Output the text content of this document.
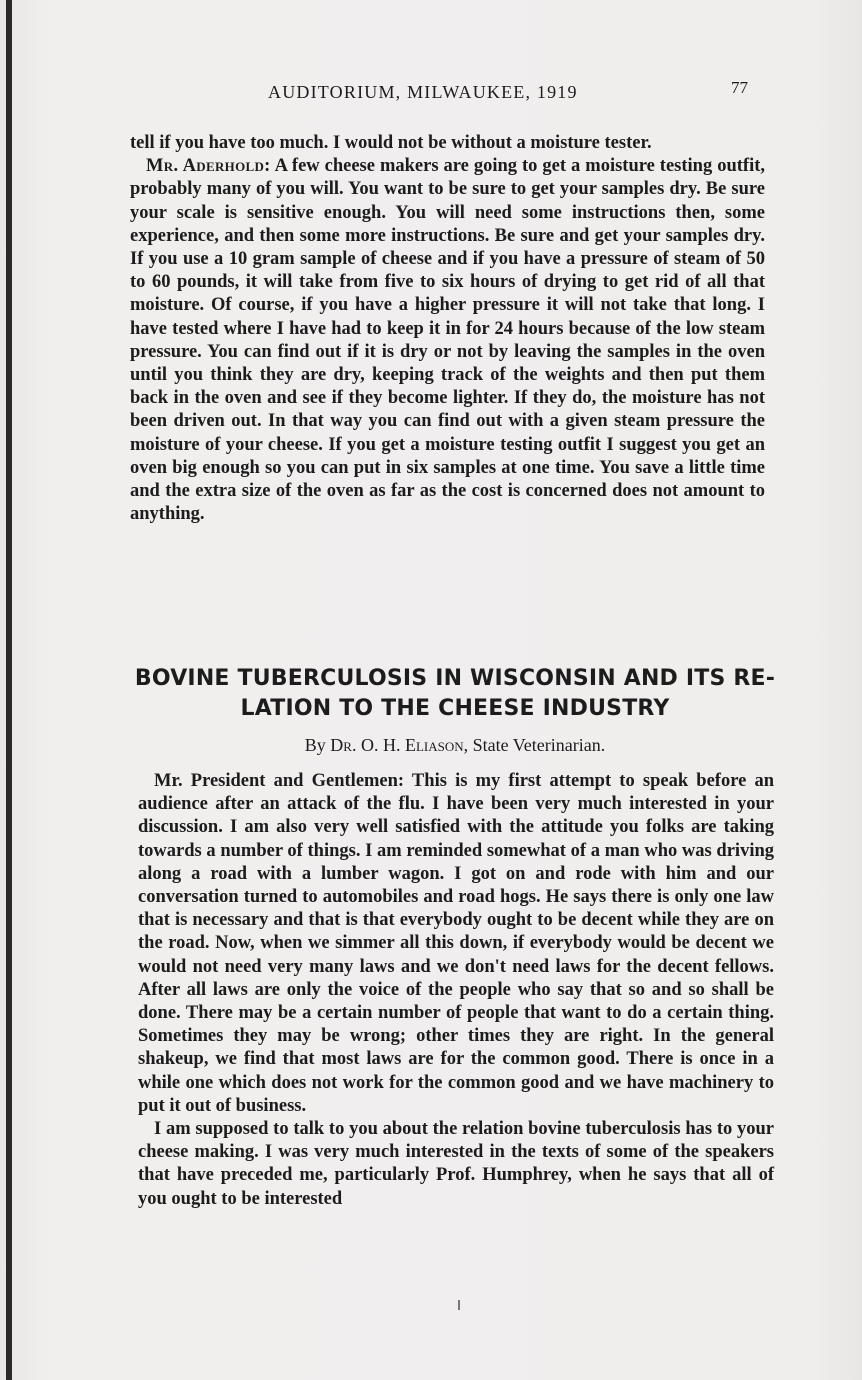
AUDITORIUM, MILWAUKEE, 1919	77

tell if you have too much. I would not be without a moisture tester.

Mr. Aderhold: A few cheese makers are going to get a moisture testing outfit, probably many of you will. You want to be sure to get your samples dry. Be sure your scale is sensitive enough. You will need some instructions then, some experience, and then some more instructions. Be sure and get your samples dry. If you use a 10 gram sample of cheese and if you have a pressure of steam of 50 to 60 pounds, it will take from five to six hours of drying to get rid of all that moisture. Of course, if you have a higher pressure it will not take that long. I have tested where I have had to keep it in for 24 hours because of the low steam pressure. You can find out if it is dry or not by leaving the samples in the oven until you think they are dry, keeping track of the weights and then put them back in the oven and see if they become lighter. If they do, the moisture has not been driven out. In that way you can find out with a given steam pressure the moisture of your cheese. If you get a moisture testing outfit I suggest you get an oven big enough so you can put in six samples at one time. You save a little time and the extra size of the oven as far as the cost is concerned does not amount to anything.

BOVINE TUBERCULOSIS IN WISCONSIN AND ITS RE-
LATION TO THE CHEESE INDUSTRY
By Dr. O. H. Eliason, State Veterinarian.

Mr. President and Gentlemen: This is my first attempt to speak before an audience after an attack of the flu. I have been very much interested in your discussion. I am also very well satisfied with the attitude you folks are taking towards a number of things. I am reminded somewhat of a man who was driving along a road with a lumber wagon. I got on and rode with him and our conversation turned to automobiles and road hogs. He says there is only one law that is necessary and that is that everybody ought to be decent while they are on the road. Now, when we simmer all this down, if everybody would be decent we would not need very many laws and we don't need laws for the decent fellows. After all laws are only the voice of the people who say that so and so shall be done. There may be a certain number of people that want to do a certain thing. Sometimes they may be wrong; other times they are right. In the general shakeup, we find that most laws are for the common good. There is once in a while one which does not work for the common good and we have machinery to put it out of business.

I am supposed to talk to you about the relation bovine tuberculosis has to your cheese making. I was very much interested in the texts of some of the speakers that have preceded me, particularly Prof. Humphrey, when he says that all of you ought to be interested
